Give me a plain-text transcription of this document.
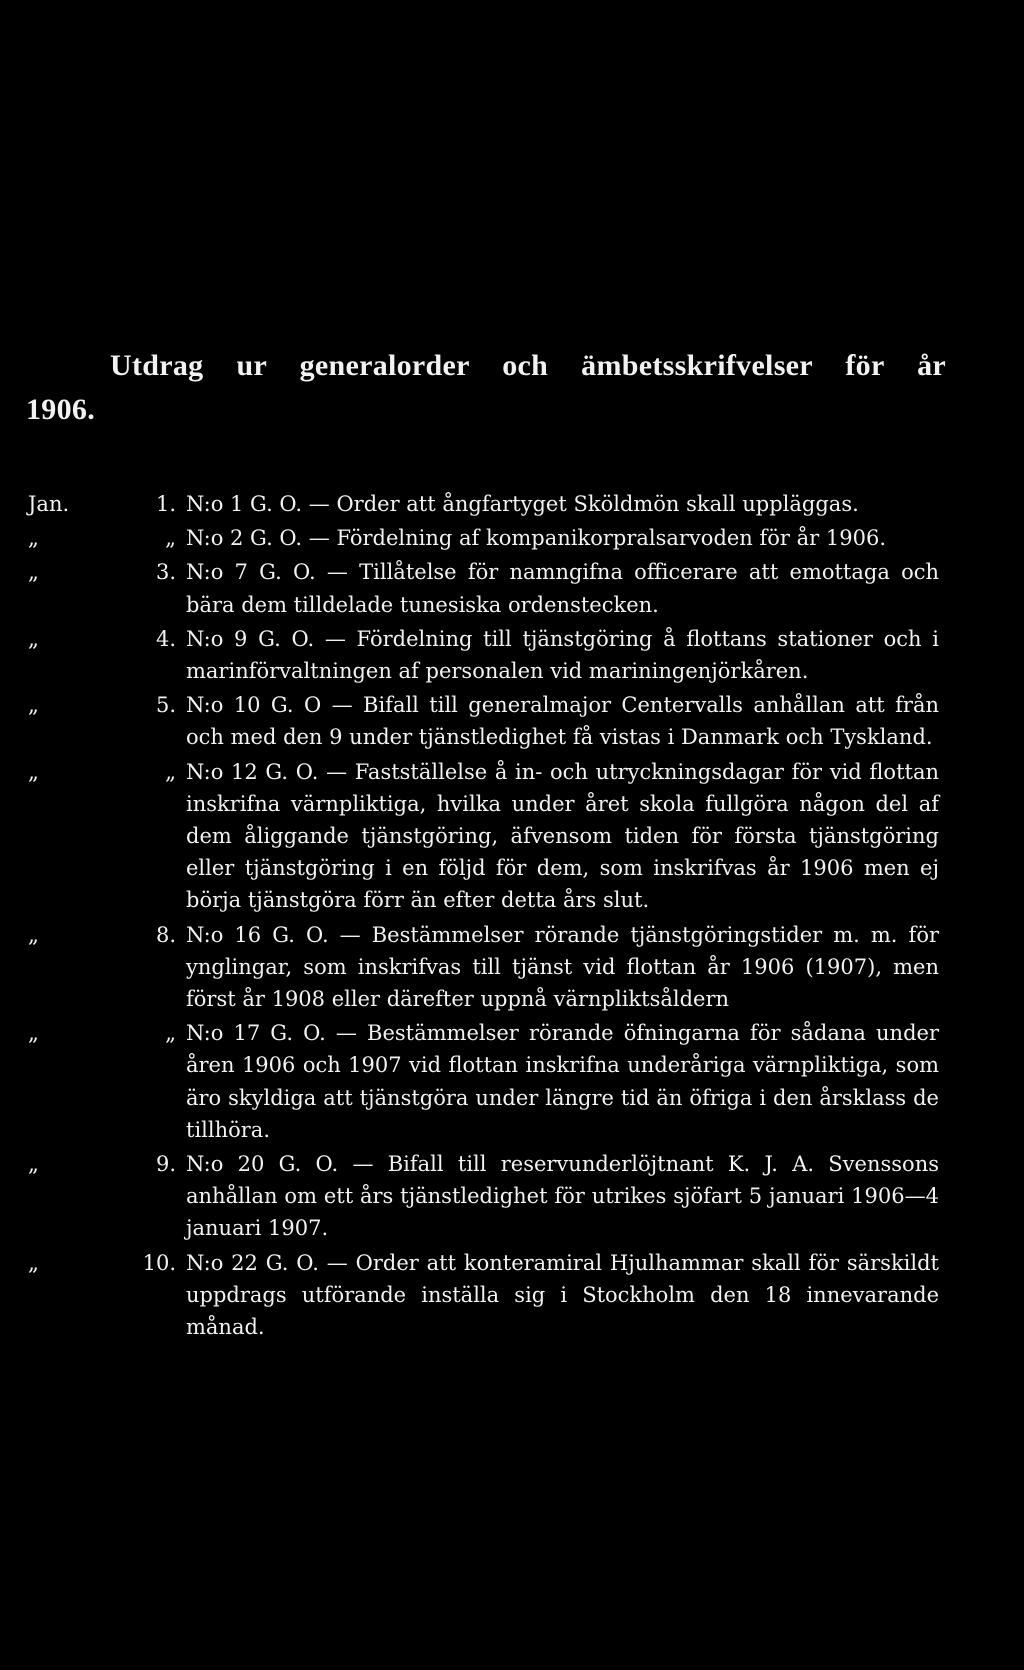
Utdrag ur generalorder och ämbetsskrifvelser för år
1906.
Jan.	1. N:o 1 G. O. — Order att ångfartyget Sköldmön skall uppläggas.
„	„ N:o 2 G. O. — Fördelning af kompanikorpralsarvoden för år 1906.
„	3. N:o 7 G. O. — Tillåtelse för namngifna officerare att emottaga och bära dem tilldelade tunesiska ordenstecken.
„	4. N:o 9 G. O. — Fördelning till tjänstgöring å flottans stationer och i marinförvaltningen af personalen vid mariningenjörkåren.
„	5. N:o 10 G. O — Bifall till generalmajor Centervalls anhållan att från och med den 9 under tjänstledighet få vistas i Danmark och Tyskland.
„	„ N:o 12 G. O. — Fastställelse å in- och utryckningsdagar för vid flottan inskrifna värnpliktiga, hvilka under året skola fullgöra någon del af dem åliggande tjänstgöring, äfvensom tiden för första tjänstgöring eller tjänstgöring i en följd för dem, som inskrifvas år 1906 men ej börja tjänstgöra förr än efter detta års slut.
„	8. N:o 16 G. O. — Bestämmelser rörande tjänstgöringstider m. m. för ynglingar, som inskrifvas till tjänst vid flottan år 1906 (1907), men först år 1908 eller därefter uppnå värnpliktsåldern
„	„ N:o 17 G. O. — Bestämmelser rörande öfningarna för sådana under åren 1906 och 1907 vid flottan inskrifna underåriga värnpliktiga, som äro skyldiga att tjänstgöra under längre tid än öfriga i den årsklass de tillhöra.
„	9. N:o 20 G. O. — Bifall till reservunderlöjtnant K. J. A. Svenssons anhållan om ett års tjänstledighet för utrikes sjöfart 5 januari 1906—4 januari 1907.
„	10. N:o 22 G. O. — Order att konteramiral Hjulhammar skall för särskildt uppdrags utförande inställa sig i Stockholm den 18 innevarande månad.
